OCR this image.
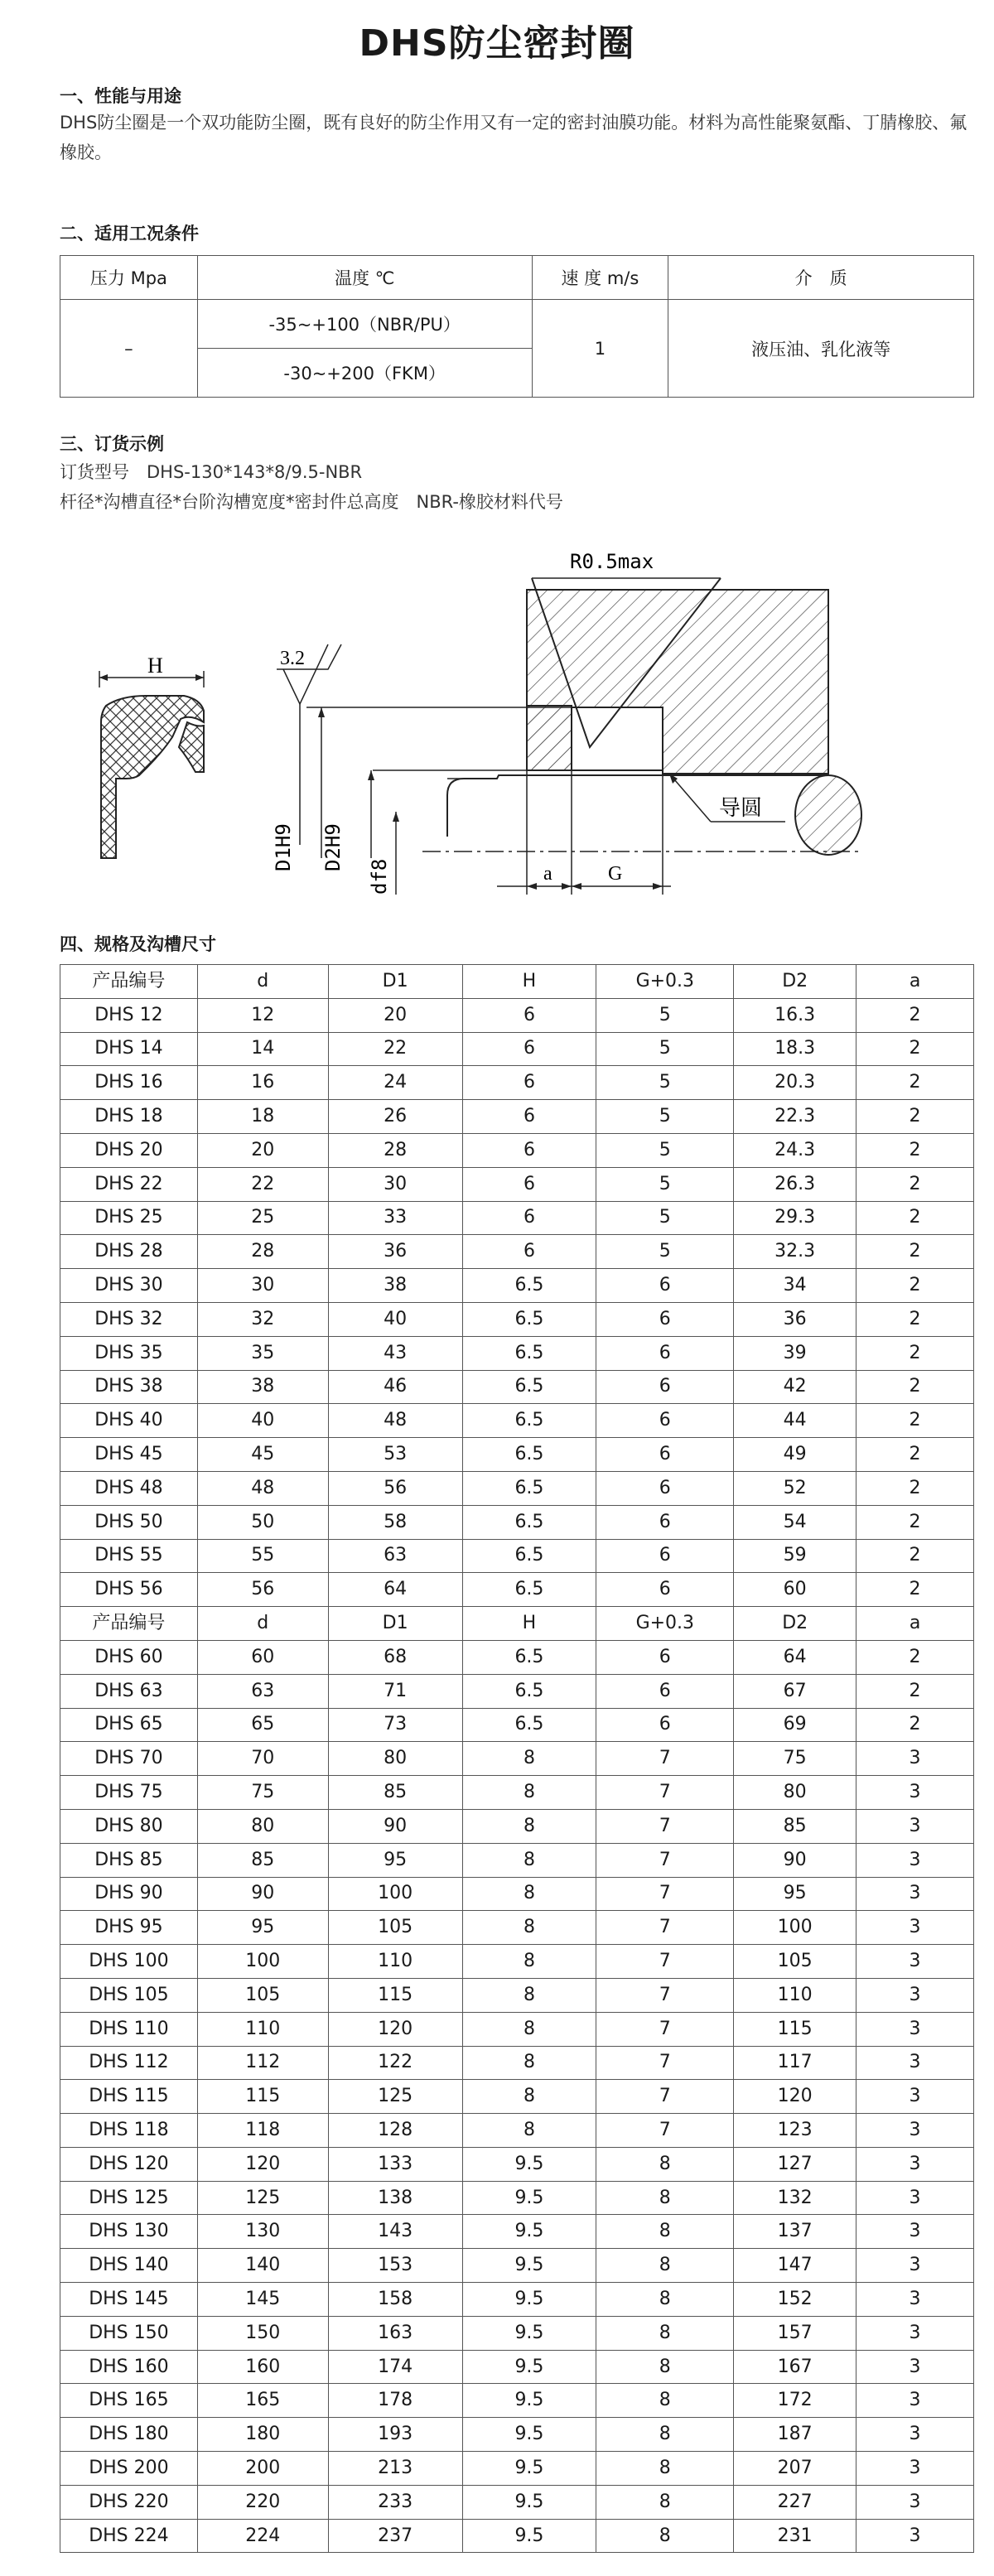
DHS防尘密封圈
一、性能与用途
DHS防尘圈是一个双功能防尘圈，既有良好的防尘作用又有一定的密封油膜功能。材料为高性能聚氨酯、丁腈橡胶、氟橡胶。
二、适用工况条件
压力 Mpa	温度 ℃	速 度 m/s	介　质
–	-35~+100（NBR/PU）	1	液压油、乳化液等
	-30~+200（FKM）		
三、订货示例
订货型号　DHS-130*143*8/9.5-NBR
杆径*沟槽直径*台阶沟槽宽度*密封件总高度　NBR-橡胶材料代号
H	3.2
R0.5max
导圆
D1H9 D2H9
df8	a	G
四、规格及沟槽尺寸
产品编号	d	D1	H	G+0.3	D2	a
DHS 12	12	20	6	5	16.3	2
DHS 14	14	22	6	5	18.3	2
DHS 16	16	24	6	5	20.3	2
DHS 18	18	26	6	5	22.3	2
DHS 20	20	28	6	5	24.3	2
DHS 22	22	30	6	5	26.3	2
DHS 25	25	33	6	5	29.3	2
DHS 28	28	36	6	5	32.3	2
DHS 30	30	38	6.5	6	34	2
DHS 32	32	40	6.5	6	36	2
DHS 35	35	43	6.5	6	39	2
DHS 38	38	46	6.5	6	42	2
DHS 40	40	48	6.5	6	44	2
DHS 45	45	53	6.5	6	49	2
DHS 48	48	56	6.5	6	52	2
DHS 50	50	58	6.5	6	54	2
DHS 55	55	63	6.5	6	59	2
DHS 56	56	64	6.5	6	60	2
产品编号	d	D1	H	G+0.3	D2	a
DHS 60	60	68	6.5	6	64	2
DHS 63	63	71	6.5	6	67	2
DHS 65	65	73	6.5	6	69	2
DHS 70	70	80	8	7	75	3
DHS 75	75	85	8	7	80	3
DHS 80	80	90	8	7	85	3
DHS 85	85	95	8	7	90	3
DHS 90	90	100	8	7	95	3
DHS 95	95	105	8	7	100	3
DHS 100	100	110	8	7	105	3
DHS 105	105	115	8	7	110	3
DHS 110	110	120	8	7	115	3
DHS 112	112	122	8	7	117	3
DHS 115	115	125	8	7	120	3
DHS 118	118	128	8	7	123	3
DHS 120	120	133	9.5	8	127	3
DHS 125	125	138	9.5	8	132	3
DHS 130	130	143	9.5	8	137	3
DHS 140	140	153	9.5	8	147	3
DHS 145	145	158	9.5	8	152	3
DHS 150	150	163	9.5	8	157	3
DHS 160	160	174	9.5	8	167	3
DHS 165	165	178	9.5	8	172	3
DHS 180	180	193	9.5	8	187	3
DHS 200	200	213	9.5	8	207	3
DHS 220	220	233	9.5	8	227	3
DHS 224	224	237	9.5	8	231	3
